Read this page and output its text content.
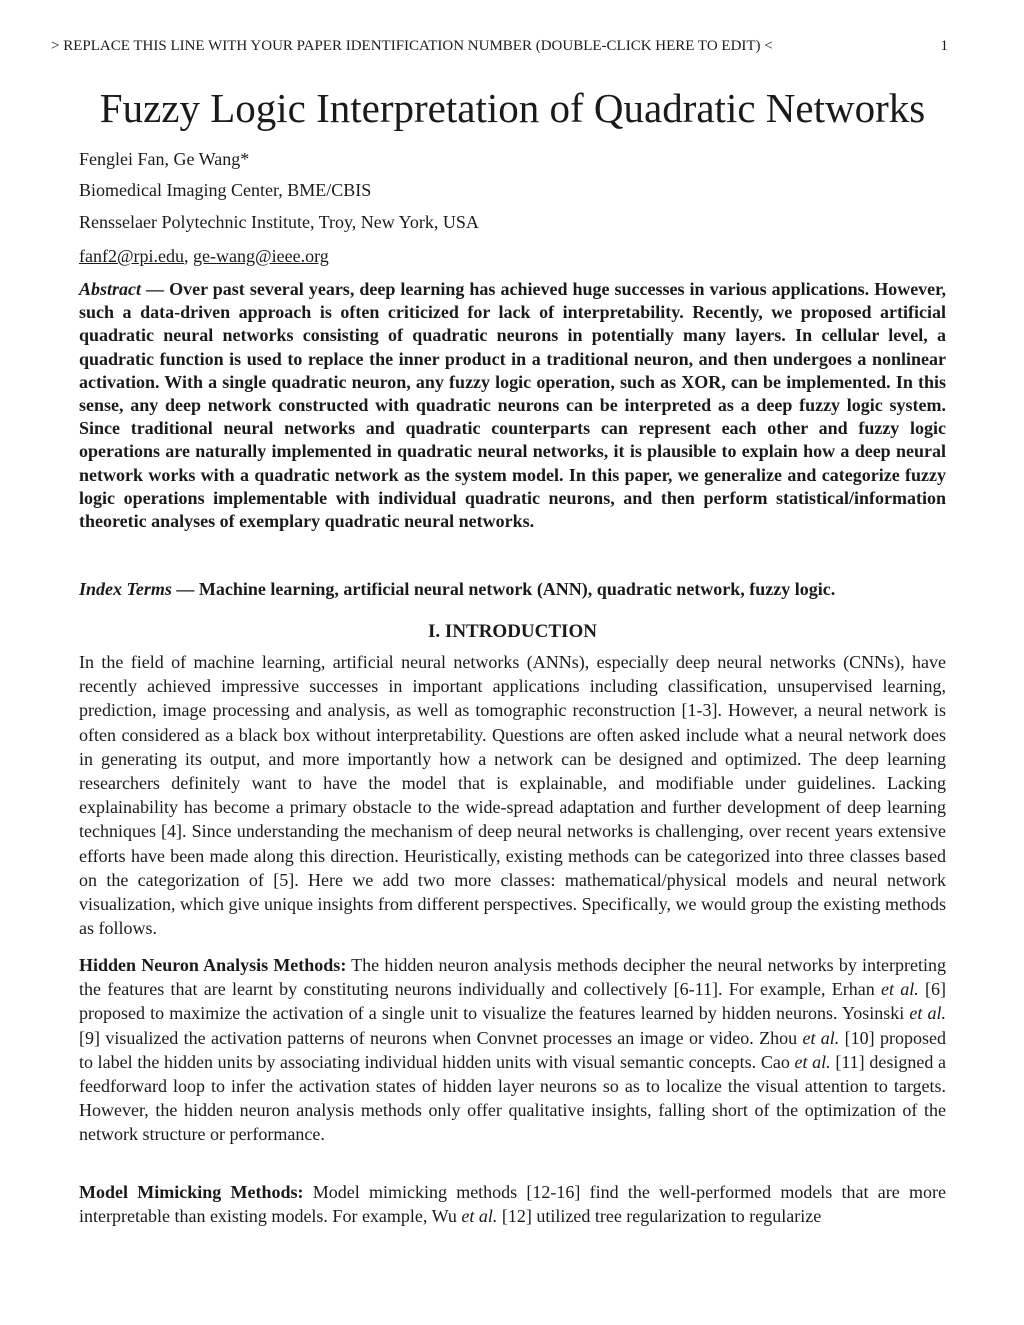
> REPLACE THIS LINE WITH YOUR PAPER IDENTIFICATION NUMBER (DOUBLE-CLICK HERE TO EDIT) <	1
Fuzzy Logic Interpretation of Quadratic Networks
Fenglei Fan, Ge Wang*
Biomedical Imaging Center, BME/CBIS
Rensselaer Polytechnic Institute, Troy, New York, USA
fanf2@rpi.edu, ge-wang@ieee.org

Abstract — Over past several years, deep learning has achieved huge successes in various applications. However, such a data-driven approach is often criticized for lack of interpretability. Recently, we proposed artificial quadratic neural networks consisting of quadratic neurons in potentially many layers. In cellular level, a quadratic function is used to replace the inner product in a traditional neuron, and then undergoes a nonlinear activation. With a single quadratic neuron, any fuzzy logic operation, such as XOR, can be implemented. In this sense, any deep network constructed with quadratic neurons can be interpreted as a deep fuzzy logic system. Since traditional neural networks and quadratic counterparts can represent each other and fuzzy logic operations are naturally implemented in quadratic neural networks, it is plausible to explain how a deep neural network works with a quadratic network as the system model. In this paper, we generalize and categorize fuzzy logic operations implementable with individual quadratic neurons, and then perform statistical/information theoretic analyses of exemplary quadratic neural networks.

Index Terms — Machine learning, artificial neural network (ANN), quadratic network, fuzzy logic.

I. INTRODUCTION

In the field of machine learning, artificial neural networks (ANNs), especially deep neural networks (CNNs), have recently achieved impressive successes in important applications including classification, unsupervised learning, prediction, image processing and analysis, as well as tomographic reconstruction [1-3]. However, a neural network is often considered as a black box without interpretability. Questions are often asked include what a neural network does in generating its output, and more importantly how a network can be designed and optimized. The deep learning researchers definitely want to have the model that is explainable, and modifiable under guidelines. Lacking explainability has become a primary obstacle to the wide-spread adaptation and further development of deep learning techniques [4]. Since understanding the mechanism of deep neural networks is challenging, over recent years extensive efforts have been made along this direction. Heuristically, existing methods can be categorized into three classes based on the categorization of [5]. Here we add two more classes: mathematical/physical models and neural network visualization, which give unique insights from different perspectives. Specifically, we would group the existing methods as follows.

Hidden Neuron Analysis Methods: The hidden neuron analysis methods decipher the neural networks by interpreting the features that are learnt by constituting neurons individually and collectively [6-11]. For example, Erhan et al. [6] proposed to maximize the activation of a single unit to visualize the features learned by hidden neurons. Yosinski et al. [9] visualized the activation patterns of neurons when Convnet processes an image or video. Zhou et al. [10] proposed to label the hidden units by associating individual hidden units with visual semantic concepts. Cao et al. [11] designed a feedforward loop to infer the activation states of hidden layer neurons so as to localize the visual attention to targets. However, the hidden neuron analysis methods only offer qualitative insights, falling short of the optimization of the network structure or performance.

Model Mimicking Methods: Model mimicking methods [12-16] find the well-performed models that are more interpretable than existing models. For example, Wu et al. [12] utilized tree regularization to regularize
